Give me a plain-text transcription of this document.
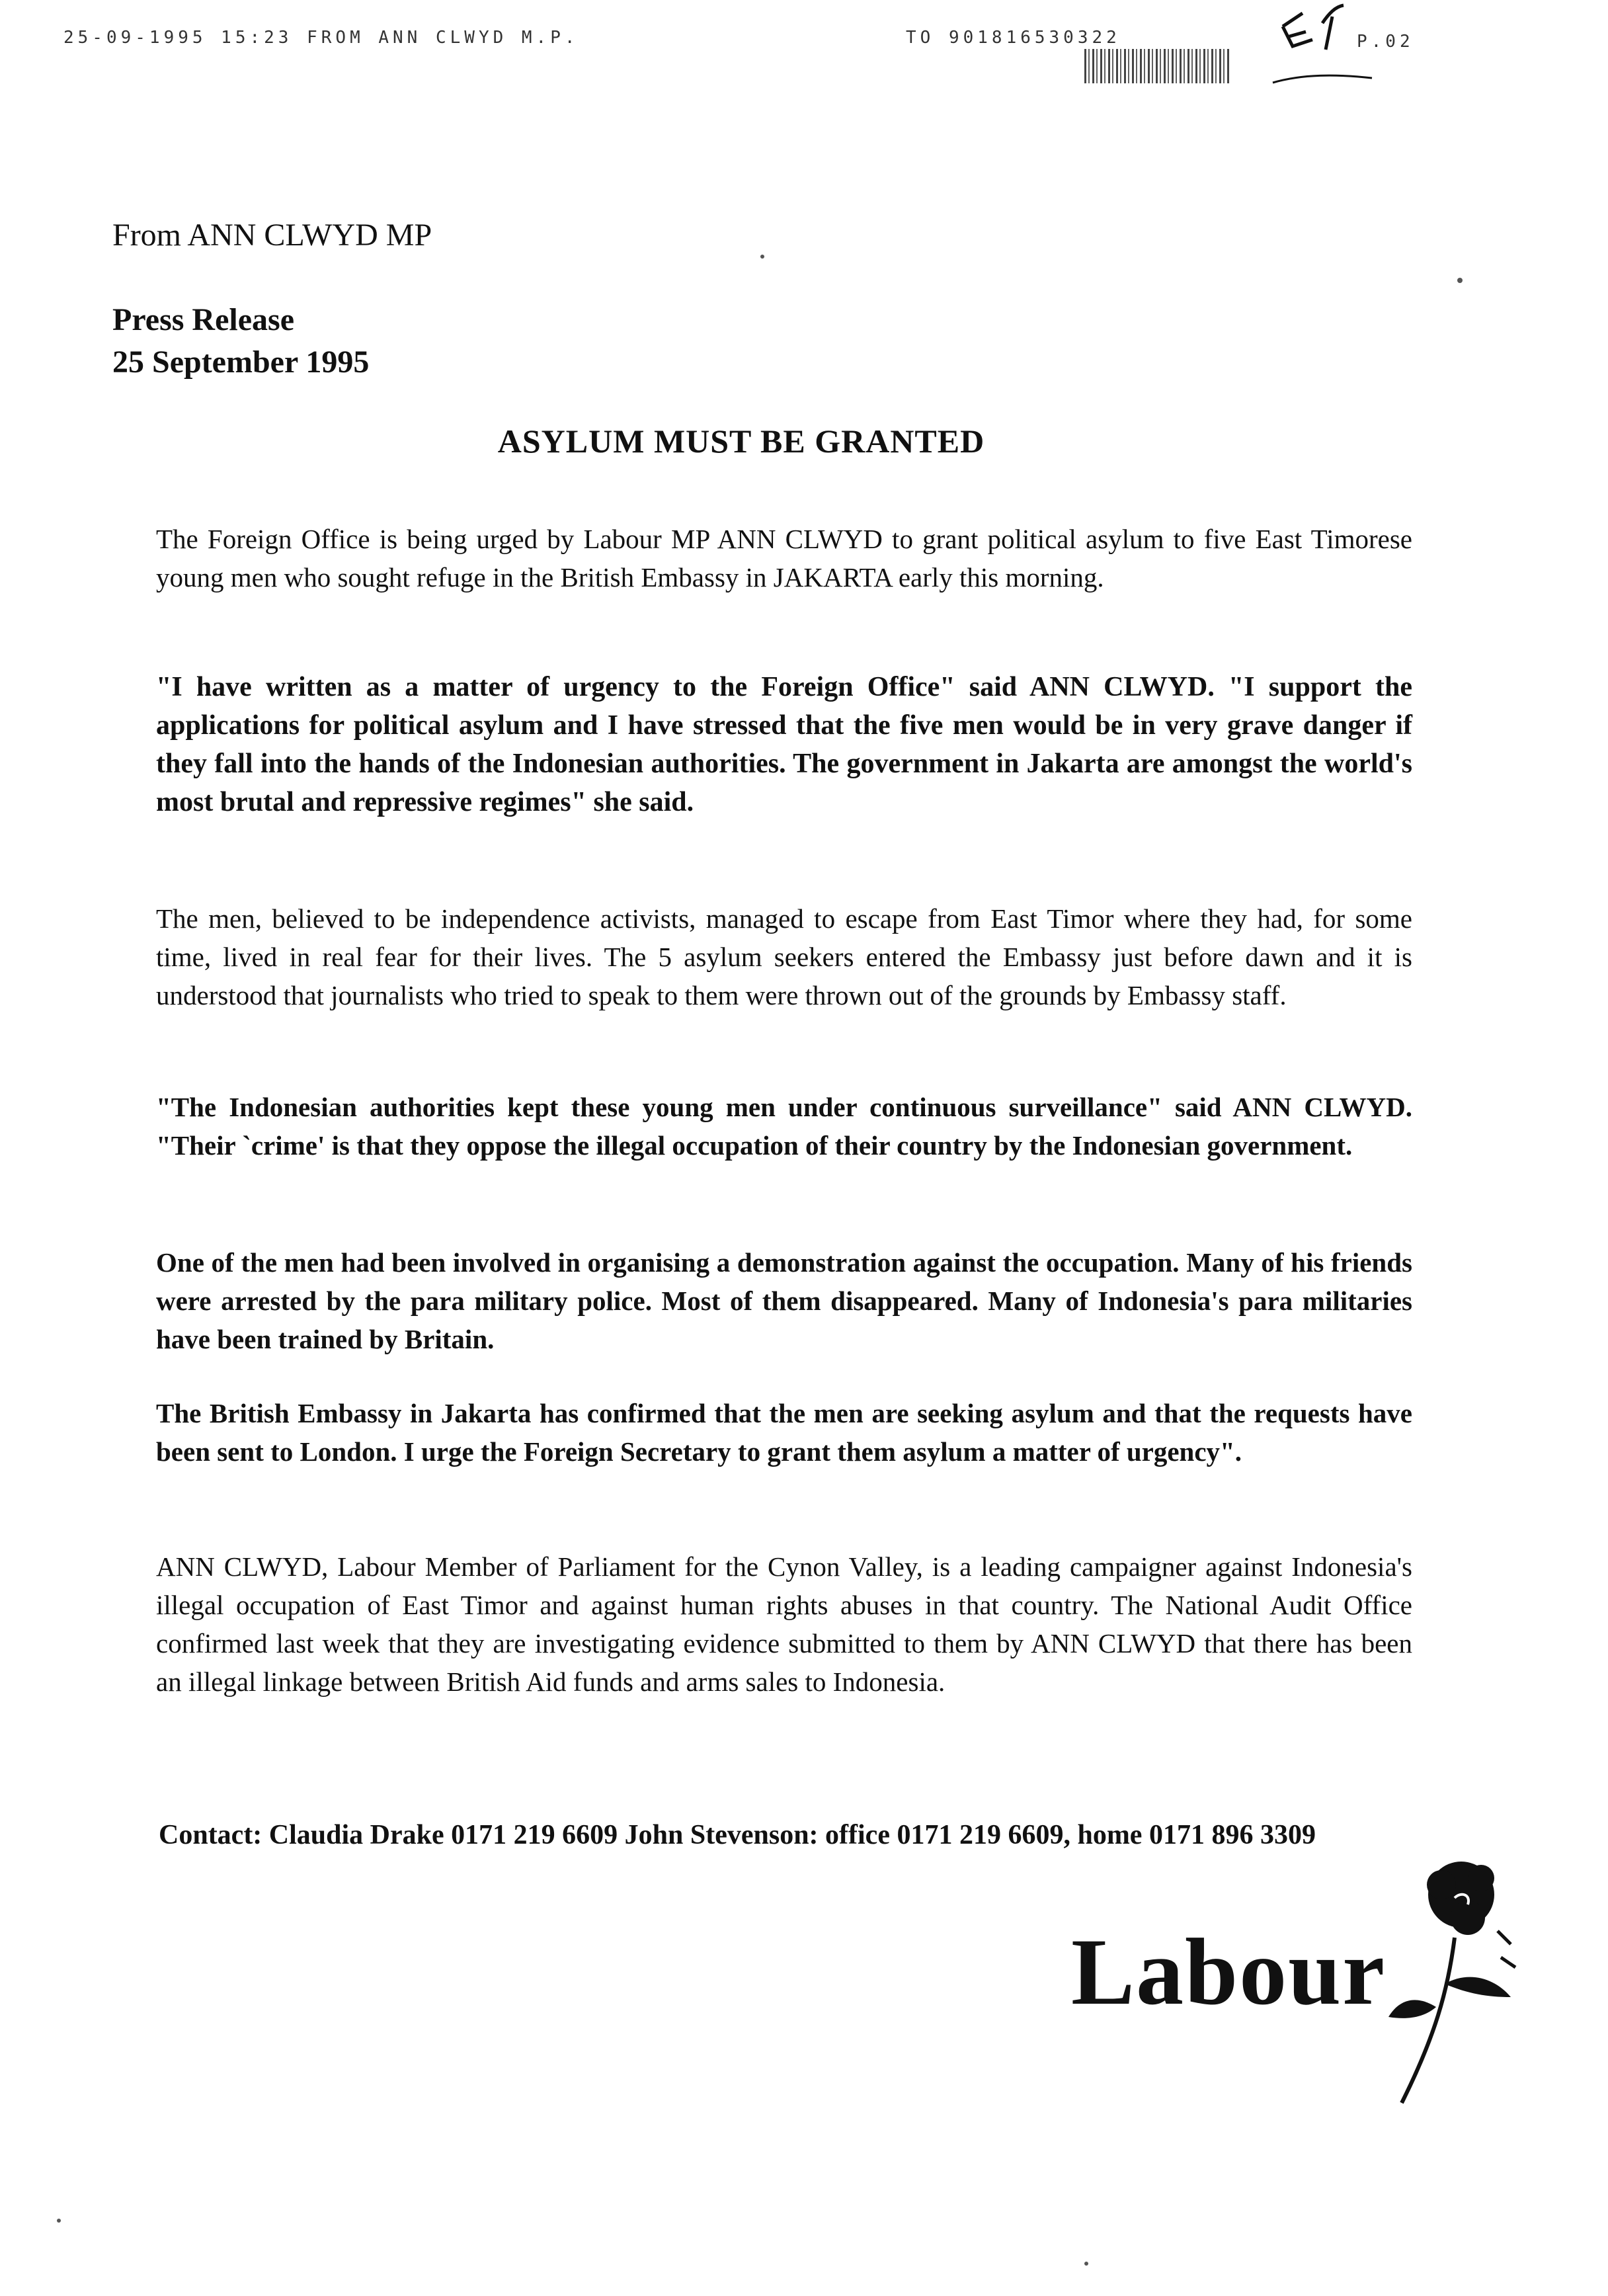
25-09-1995 15:23 FROM ANN CLWYD M.P.	TO 901816530322	P.02
From ANN CLWYD MP
Press Release
25 September 1995
ASYLUM MUST BE GRANTED

The Foreign Office is being urged by Labour MP ANN CLWYD to grant political asylum to five East Timorese young men who sought refuge in the British Embassy in JAKARTA early this morning.

"I have written as a matter of urgency to the Foreign Office" said ANN CLWYD. "I support the applications for political asylum and I have stressed that the five men would be in very grave danger if they fall into the hands of the Indonesian authorities. The government in Jakarta are amongst the world's most brutal and repressive regimes" she said.

The men, believed to be independence activists, managed to escape from East Timor where they had, for some time, lived in real fear for their lives. The 5 asylum seekers entered the Embassy just before dawn and it is understood that journalists who tried to speak to them were thrown out of the grounds by Embassy staff.

"The Indonesian authorities kept these young men under continuous surveillance" said ANN CLWYD. "Their `crime' is that they oppose the illegal occupation of their country by the Indonesian government.

One of the men had been involved in organising a demonstration against the occupation. Many of his friends were arrested by the para military police. Most of them disappeared. Many of Indonesia's para militaries have been trained by Britain.

The British Embassy in Jakarta has confirmed that the men are seeking asylum and that the requests have been sent to London. I urge the Foreign Secretary to grant them asylum a matter of urgency".

ANN CLWYD, Labour Member of Parliament for the Cynon Valley, is a leading campaigner against Indonesia's illegal occupation of East Timor and against human rights abuses in that country. The National Audit Office confirmed last week that they are investigating evidence submitted to them by ANN CLWYD that there has been an illegal linkage between British Aid funds and arms sales to Indonesia.

Contact: Claudia Drake 0171 219 6609 John Stevenson: office 0171 219 6609, home 0171 896 3309

Labour
